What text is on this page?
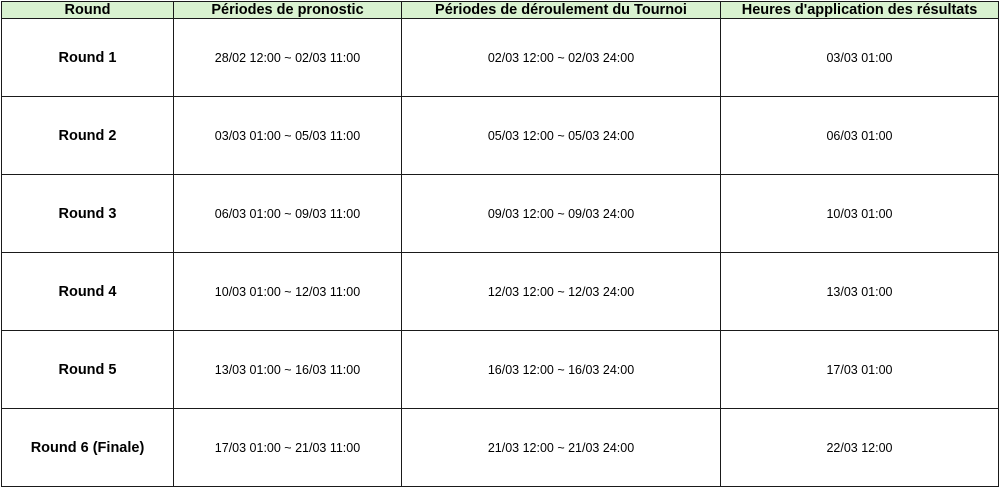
Round	Périodes de pronostic	Périodes de déroulement du Tournoi	Heures d'application des résultats
Round 1	28/02 12:00 ~ 02/03 11:00	02/03 12:00 ~ 02/03 24:00	03/03 01:00
Round 2	03/03 01:00 ~ 05/03 11:00	05/03 12:00 ~ 05/03 24:00	06/03 01:00
Round 3	06/03 01:00 ~ 09/03 11:00	09/03 12:00 ~ 09/03 24:00	10/03 01:00
Round 4	10/03 01:00 ~ 12/03 11:00	12/03 12:00 ~ 12/03 24:00	13/03 01:00
Round 5	13/03 01:00 ~ 16/03 11:00	16/03 12:00 ~ 16/03 24:00	17/03 01:00
Round 6 (Finale)	17/03 01:00 ~ 21/03 11:00	21/03 12:00 ~ 21/03 24:00	22/03 12:00
